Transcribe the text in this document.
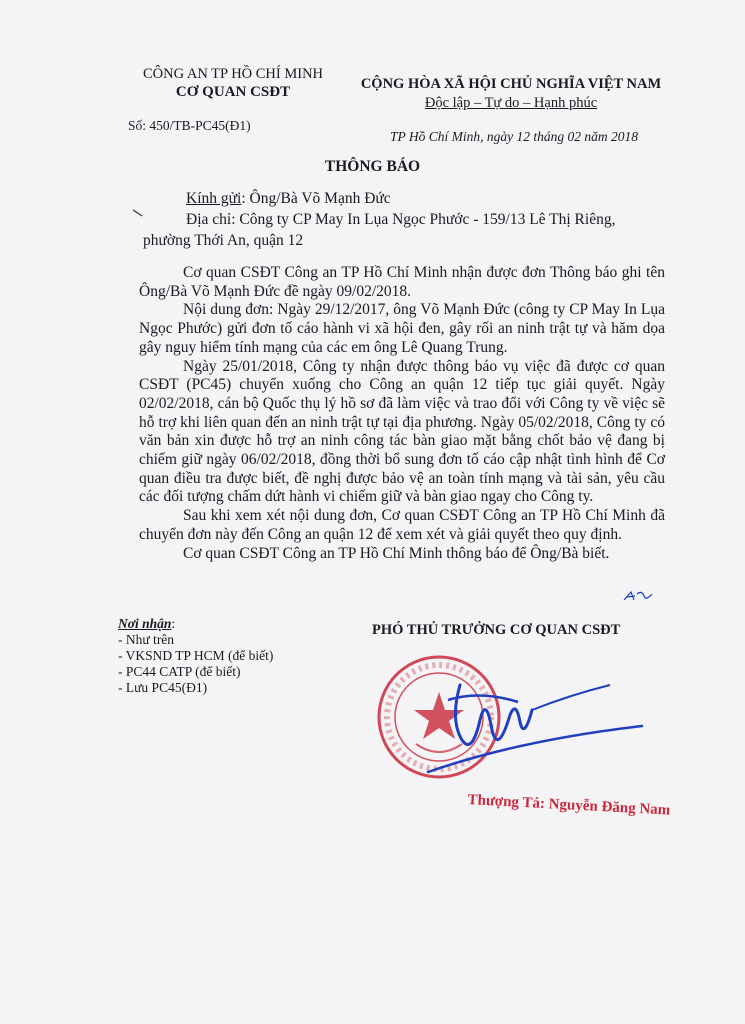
CÔNG AN TP HỒ CHÍ MINH
CƠ QUAN CSĐT	CỘNG HÒA XÃ HỘI CHỦ NGHĨA VIỆT NAM
Độc lập – Tự do – Hạnh phúc
Số: 450/TB-PC45(Đ1)
TP Hồ Chí Minh, ngày 12 tháng 02 năm 2018
THÔNG BÁO
Kính gửi: Ông/Bà Võ Mạnh Đức
Địa chỉ: Công ty CP May In Lụa Ngọc Phước - 159/13 Lê Thị Riêng,
phường Thới An, quận 12

Cơ quan CSĐT Công an TP Hồ Chí Minh nhận được đơn Thông báo ghi tên Ông/Bà Võ Mạnh Đức đề ngày 09/02/2018.

Nội dung đơn: Ngày 29/12/2017, ông Võ Mạnh Đức (công ty CP May In Lụa Ngọc Phước) gửi đơn tố cáo hành vi xã hội đen, gây rối an ninh trật tự và hăm dọa gây nguy hiểm tính mạng của các em ông Lê Quang Trung.

Ngày 25/01/2018, Công ty nhận được thông báo vụ việc đã được cơ quan CSĐT (PC45) chuyển xuống cho Công an quận 12 tiếp tục giải quyết. Ngày 02/02/2018, cán bộ Quốc thụ lý hồ sơ đã làm việc và trao đổi với Công ty về việc sẽ hỗ trợ khi liên quan đến an ninh trật tự tại địa phương. Ngày 05/02/2018, Công ty có văn bản xin được hỗ trợ an ninh công tác bàn giao mặt bằng chốt bảo vệ đang bị chiếm giữ ngày 06/02/2018, đồng thời bổ sung đơn tố cáo cập nhật tình hình để Cơ quan điều tra được biết, đề nghị được bảo vệ an toàn tính mạng và tài sản, yêu cầu các đối tượng chấm dứt hành vi chiếm giữ và bàn giao ngay cho Công ty.

Sau khi xem xét nội dung đơn, Cơ quan CSĐT Công an TP Hồ Chí Minh đã chuyển đơn này đến Công an quận 12 để xem xét và giải quyết theo quy định.

Cơ quan CSĐT Công an TP Hồ Chí Minh thông báo để Ông/Bà biết.

Nơi nhận:
- Như trên
- VKSND TP HCM (để biết)
- PC44 CATP (để biết)
- Lưu PC45(Đ1)
PHÓ THỦ TRƯỞNG CƠ QUAN CSĐT
Thượng Tá: Nguyễn Đăng Nam
